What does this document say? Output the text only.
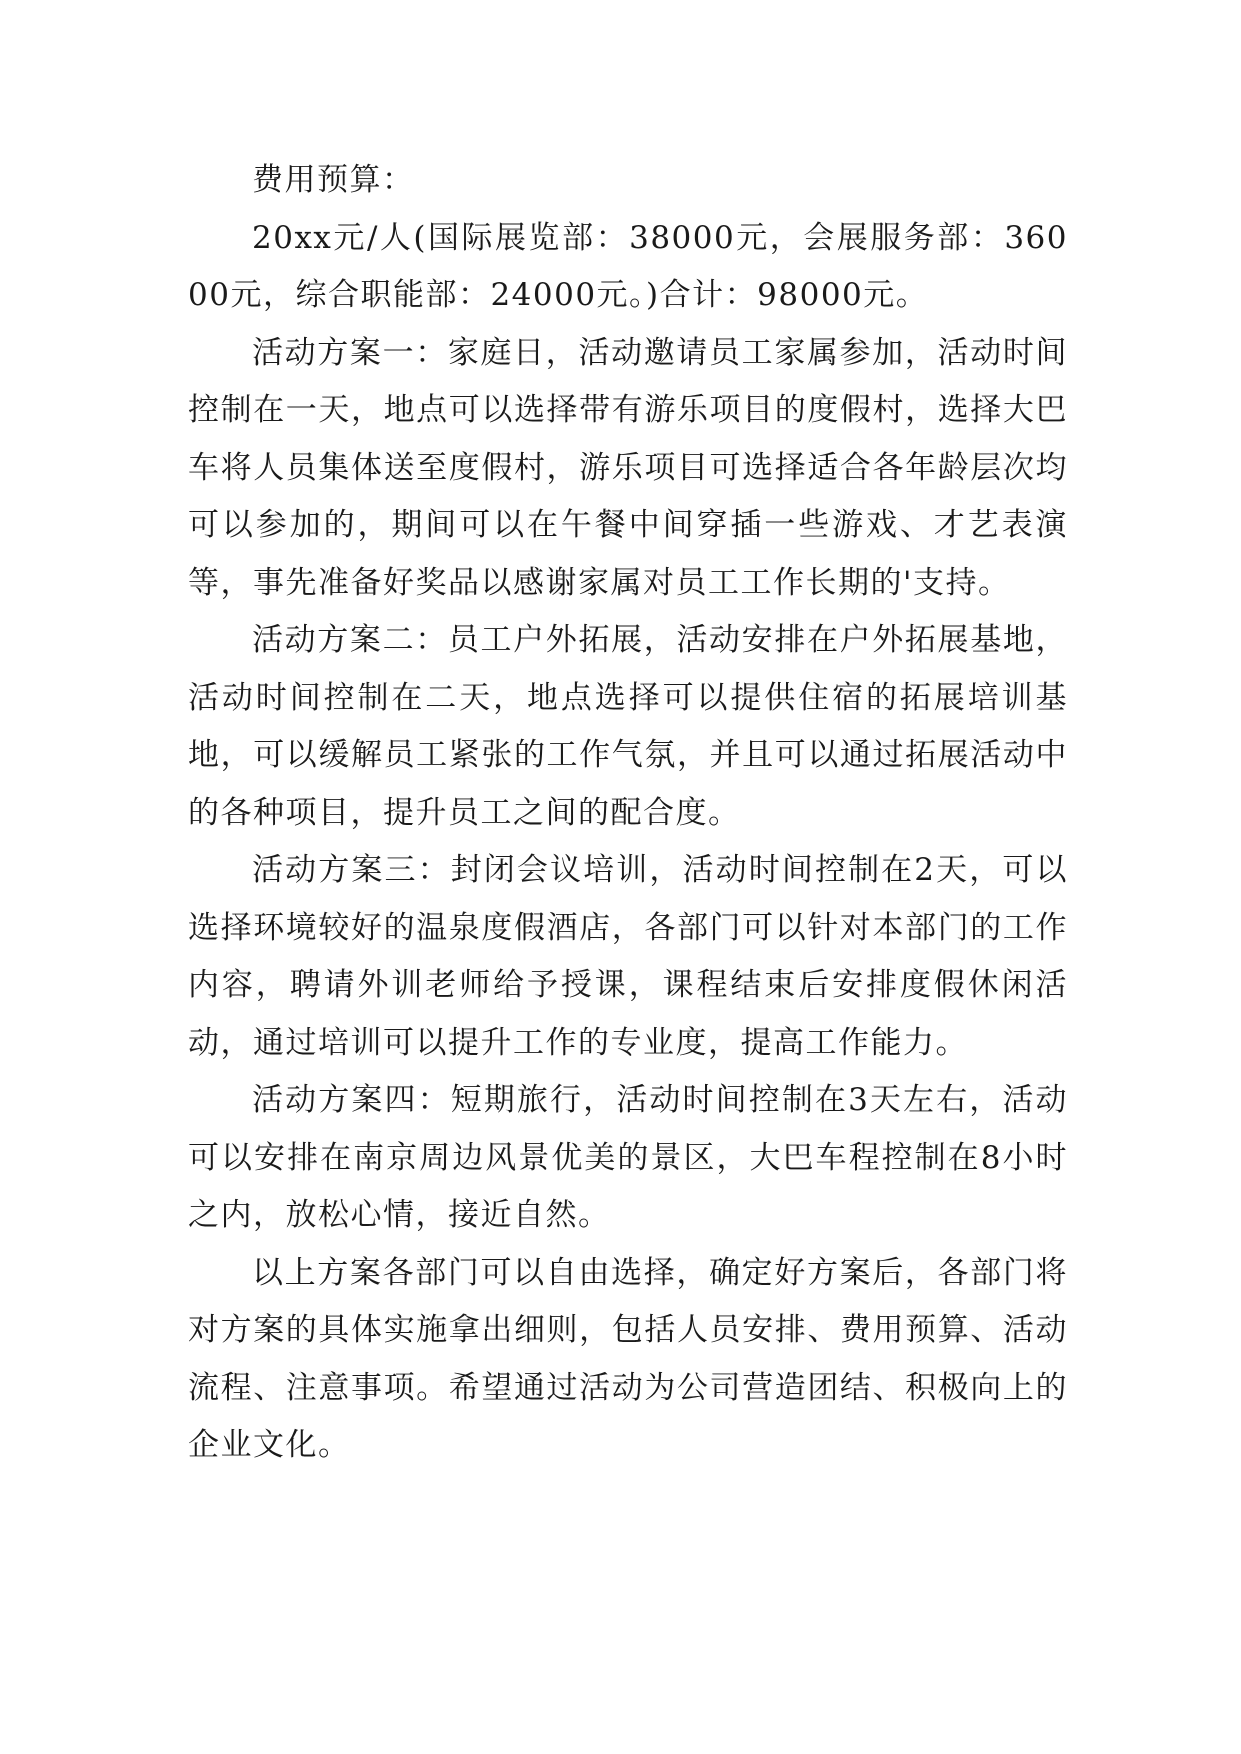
费用预算：

20xx元/人(国际展览部：38000元，会展服务部：36000元，综合职能部：24000元。)合计：98000元。

活动方案一：家庭日，活动邀请员工家属参加，活动时间控制在一天，地点可以选择带有游乐项目的度假村，选择大巴车将人员集体送至度假村，游乐项目可选择适合各年龄层次均可以参加的，期间可以在午餐中间穿插一些游戏、才艺表演等，事先准备好奖品以感谢家属对员工工作长期的'支持。

活动方案二：员工户外拓展，活动安排在户外拓展基地，活动时间控制在二天，地点选择可以提供住宿的拓展培训基地，可以缓解员工紧张的工作气氛，并且可以通过拓展活动中的各种项目，提升员工之间的配合度。

活动方案三：封闭会议培训，活动时间控制在2天，可以选择环境较好的温泉度假酒店，各部门可以针对本部门的工作内容，聘请外训老师给予授课，课程结束后安排度假休闲活动，通过培训可以提升工作的专业度，提高工作能力。

活动方案四：短期旅行，活动时间控制在3天左右，活动可以安排在南京周边风景优美的景区，大巴车程控制在8小时之内，放松心情，接近自然。

以上方案各部门可以自由选择，确定好方案后，各部门将对方案的具体实施拿出细则，包括人员安排、费用预算、活动流程、注意事项。希望通过活动为公司营造团结、积极向上的企业文化。
